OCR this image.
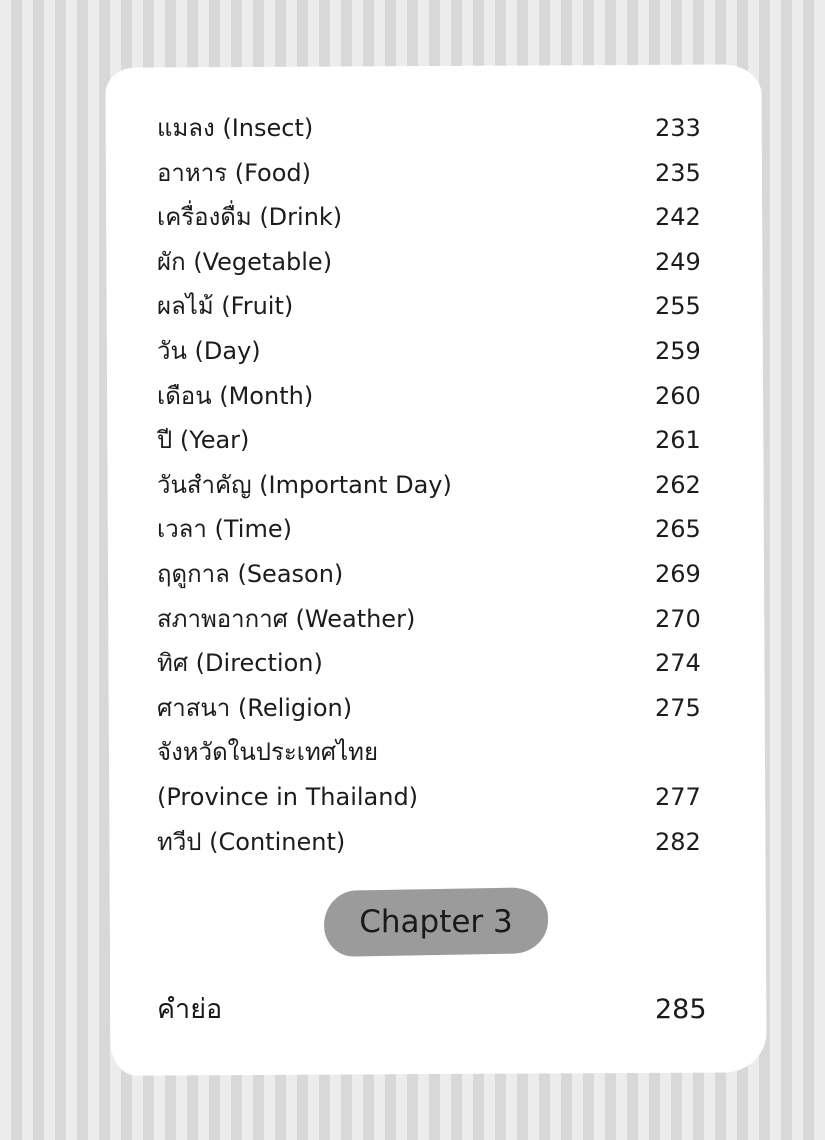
แมลง (Insect)	233
อาหาร (Food)	235
เครื่องดื่ม (Drink)	242
ผัก (Vegetable)	249
ผลไม้ (Fruit)	255
วัน (Day)	259
เดือน (Month)	260
ปี (Year)	261
วันสำคัญ (Important Day)	262
เวลา (Time)	265
ฤดูกาล (Season)	269
สภาพอากาศ (Weather)	270
ทิศ (Direction)	274
ศาสนา (Religion)	275
จังหวัดในประเทศไทย
(Province in Thailand)	277
ทวีป (Continent)	282
Chapter 3
คำย่อ	285
